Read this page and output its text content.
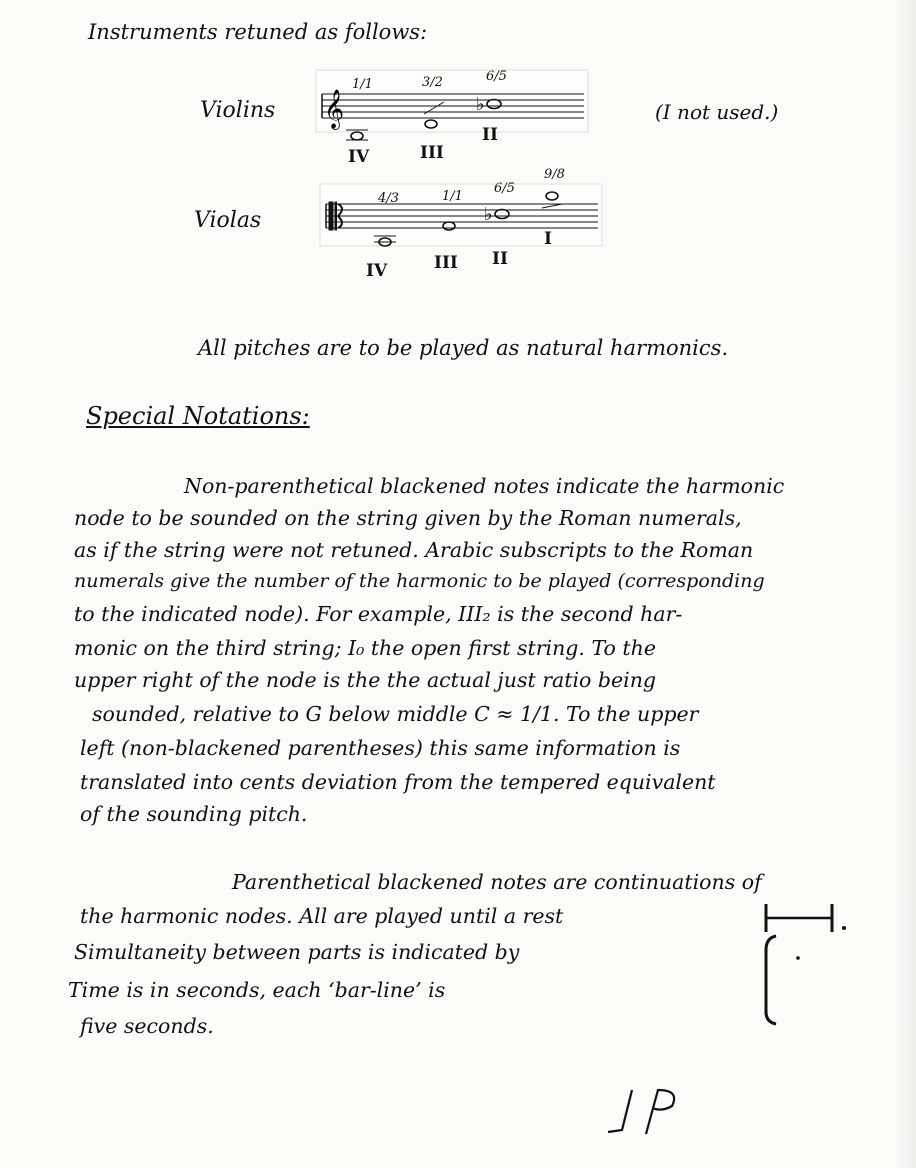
Instruments retuned as follows:
Violins 𝄞
1/1	3/2
♭
6/5
IV	III
II
(I not used.)
Violas
4/3	1/1
♭
6/5
9/8
IV	III II
I
All pitches are to be played as natural harmonics.
Special Notations:
Non-parenthetical blackened notes indicate the harmonic
node to be sounded on the string given by the Roman numerals,
as if the string were not retuned. Arabic subscripts to the Roman
numerals give the number of the harmonic to be played (corresponding
to the indicated node). For example, III₂ is the second har-
monic on the third string; I₀ the open first string. To the
upper right of the node is the the actual just ratio being
sounded, relative to G below middle C ≈ 1/1. To the upper
left (non-blackened parentheses) this same information is
translated into cents deviation from the tempered equivalent
of the sounding pitch.
Parenthetical blackened notes are continuations of
the harmonic nodes. All are played until a rest
Simultaneity between parts is indicated by
Time is in seconds, each ‘bar-line’ is
five seconds.
